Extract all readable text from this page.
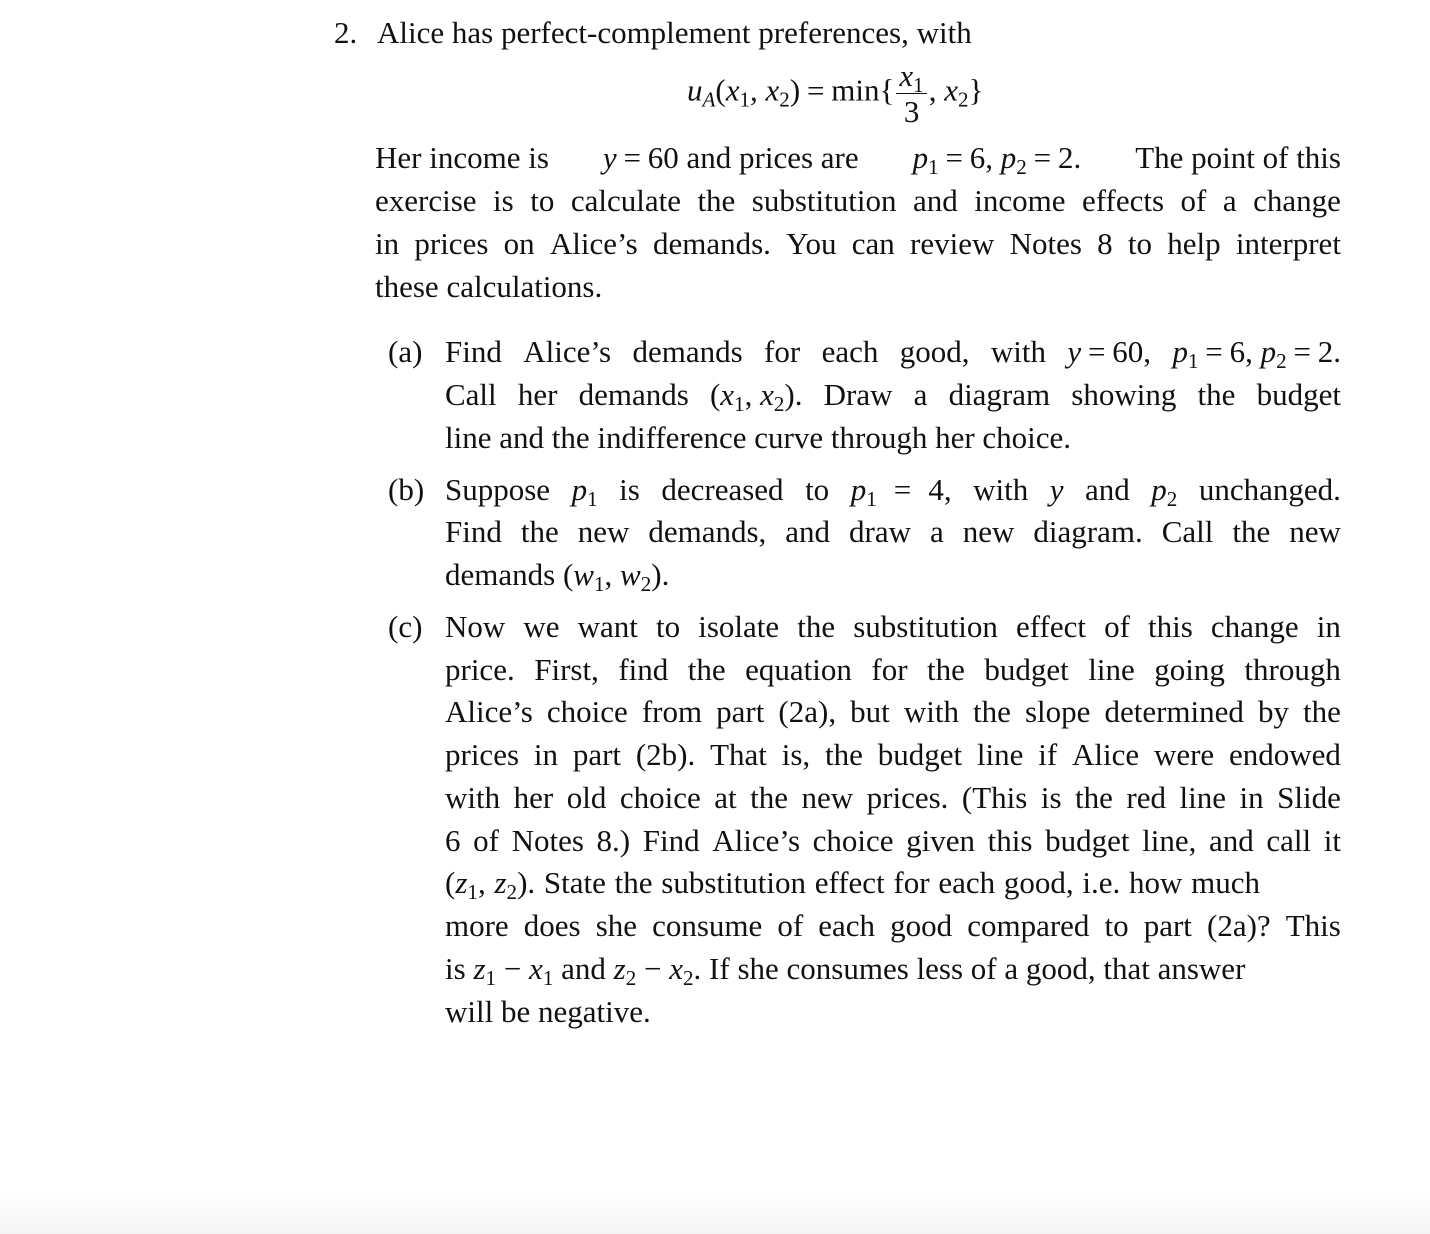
2. Alice has perfect-complement preferences, with
$u_A(x_1$, $x_2) = \min\{ \frac{x_1}{3}$ , $x_2$}
Her income is y = 60 and prices are $p_1 = 6$, $p_2 = 2$. The point of this
exercise is to calculate the substitution and income effects of a change
in prices on Alice’s demands. You can review Notes 8 to help interpret
these calculations.
(a) Find Alice’s demands for each good, with y = 60, $p_1 = 6$, $p_2 = 2$.
Call her demands ($x_1$, $x_2$). Draw a diagram showing the budget
line and the indifference curve through her choice.
(b) Suppose $p_1$ is decreased to $p_1 = 4$, with y and $p_2$ unchanged.
Find the new demands, and draw a new diagram. Call the new
demands ($w_1$, $w_2$).
(c) Now we want to isolate the substitution effect of this change in
price. First, find the equation for the budget line going through
Alice’s choice from part (2a), but with the slope determined by the
prices in part (2b). That is, the budget line if Alice were endowed
with her old choice at the new prices. (This is the red line in Slide
6 of Notes 8.) Find Alice’s choice given this budget line, and call it
($z_1$, $z_2$). State the substitution effect for each good, i.e. how much
more does she consume of each good compared to part (2a)? This
is $z_1 - x_1$ and $z_2 - x_2$. If she consumes less of a good, that answer
will be negative.
